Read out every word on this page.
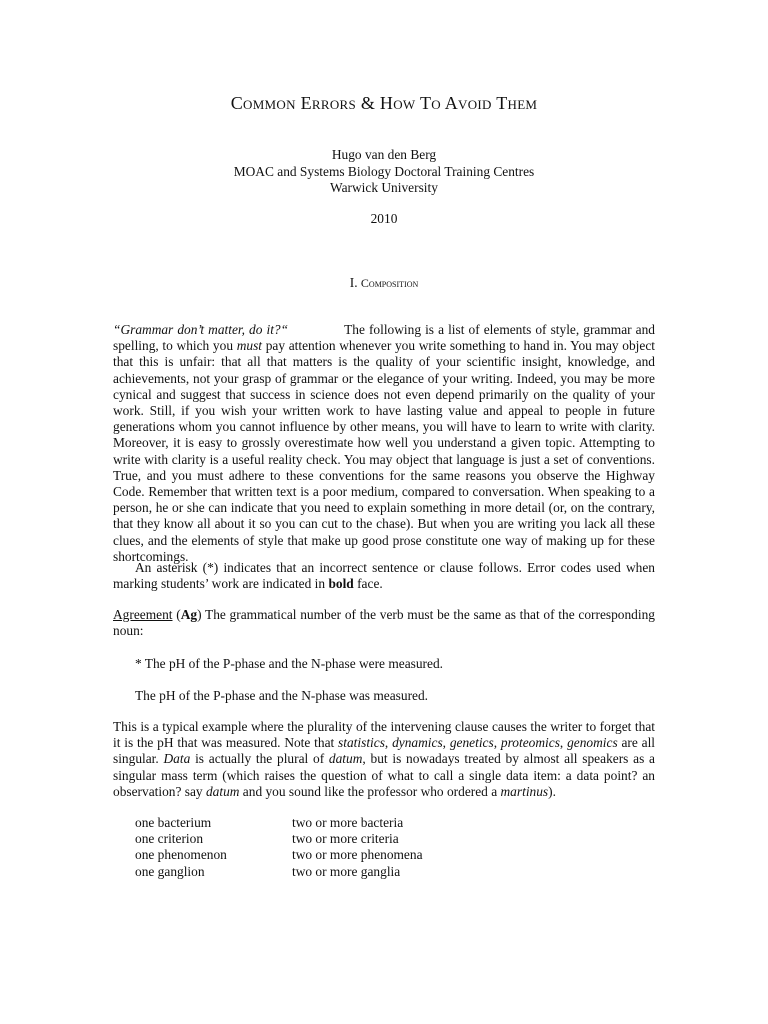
Common Errors & How To Avoid Them
Hugo van den Berg
MOAC and Systems Biology Doctoral Training Centres
Warwick University
2010
I. Composition
“Grammar don’t matter, do it?“	The following is a list of elements of style, grammar and spelling, to which you must pay attention whenever you write something to hand in. You may object that this is unfair: that all that matters is the quality of your scientific insight, knowledge, and achievements, not your grasp of grammar or the elegance of your writing. Indeed, you may be more cynical and suggest that success in science does not even depend primarily on the quality of your work. Still, if you wish your written work to have lasting value and appeal to people in future generations whom you cannot influence by other means, you will have to learn to write with clarity. Moreover, it is easy to grossly overestimate how well you understand a given topic. Attempting to write with clarity is a useful reality check. You may object that language is just a set of conventions. True, and you must adhere to these conventions for the same reasons you observe the Highway Code. Remember that written text is a poor medium, compared to conversation. When speaking to a person, he or she can indicate that you need to explain something in more detail (or, on the contrary, that they know all about it so you can cut to the chase). But when you are writing you lack all these clues, and the elements of style that make up good prose constitute one way of making up for these shortcomings.
An asterisk (*) indicates that an incorrect sentence or clause follows. Error codes used when marking students’ work are indicated in bold face.
Agreement (Ag) The grammatical number of the verb must be the same as that of the corresponding noun:
* The pH of the P-phase and the N-phase were measured.
The pH of the P-phase and the N-phase was measured.
This is a typical example where the plurality of the intervening clause causes the writer to forget that it is the pH that was measured. Note that statistics, dynamics, genetics, proteomics, genomics are all singular. Data is actually the plural of datum, but is nowadays treated by almost all speakers as a singular mass term (which raises the question of what to call a single data item: a data point? an observation? say datum and you sound like the professor who ordered a martinus).
one bacterium	two or more bacteria
one criterion	two or more criteria
one phenomenon	two or more phenomena
one ganglion	two or more ganglia
